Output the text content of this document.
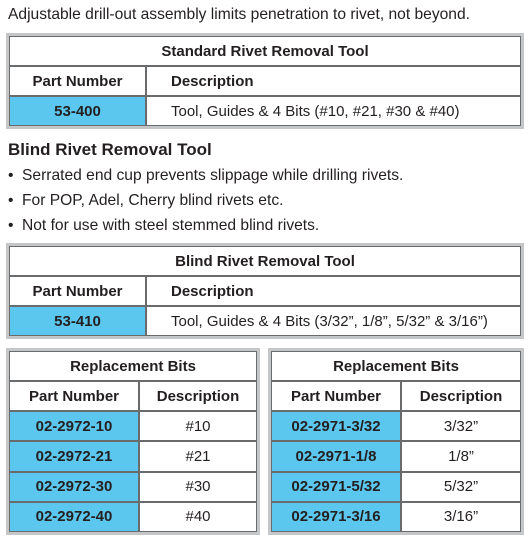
Adjustable drill-out assembly limits penetration to rivet, not beyond.
Standard Rivet Removal Tool	
Part Number	Description
53-400	Tool, Guides & 4 Bits (#10, #21, #30 & #40)
Blind Rivet Removal Tool
• Serrated end cup prevents slippage while drilling rivets.
• For POP, Adel, Cherry blind rivets etc.
• Not for use with steel stemmed blind rivets.
Blind Rivet Removal Tool	
Part Number	Description
53-410	Tool, Guides & 4 Bits (3/32”, 1/8”, 5/32” & 3/16”)
Replacement Bits	
Part Number	Description
02-2972-10	#10
02-2972-21	#21
02-2972-30	#30
02-2972-40	#40
Replacement Bits	
Part Number	Description
02-2971-3/32	3/32”
02-2971-1/8	1/8”
02-2971-5/32	5/32”
02-2971-3/16	3/16”
